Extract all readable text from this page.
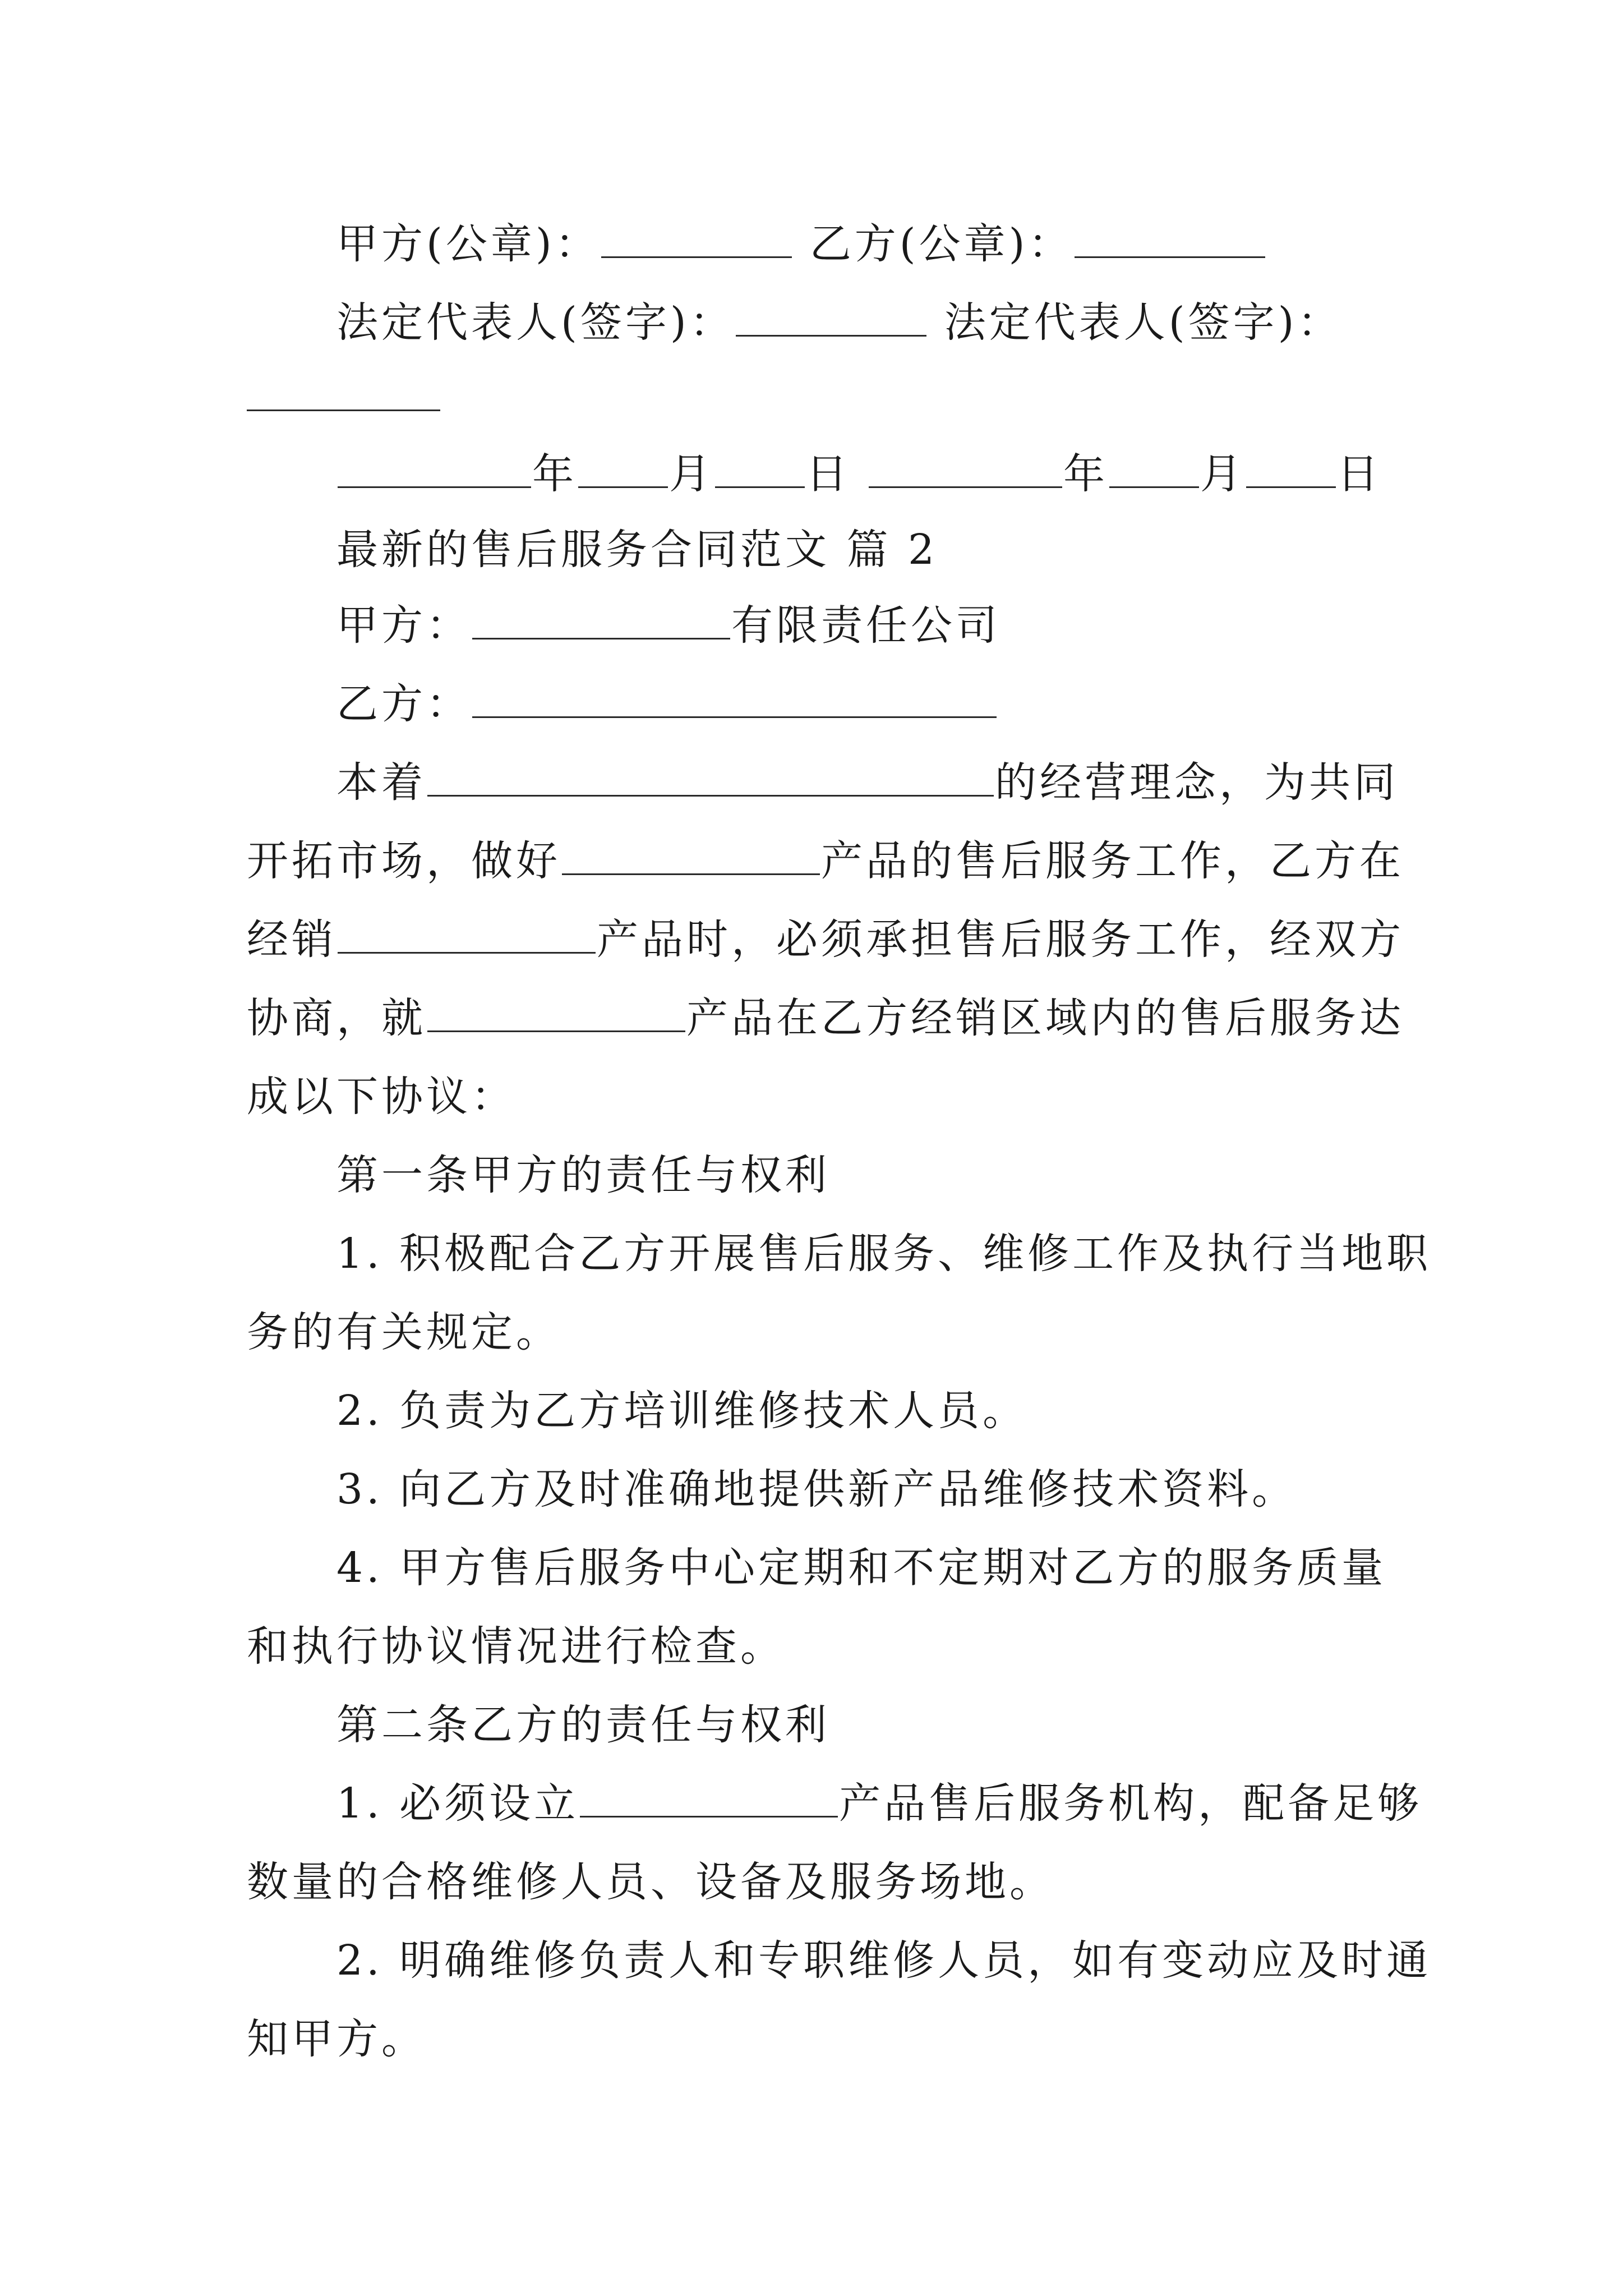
甲方(公章)：	乙方(公章)：
法定代表人(签字)：	法定代表人(签字)：
年 月 日	年 月 日
最新的售后服务合同范文 篇 2
甲方：	有限责任公司
乙方：
本着	的经营理念，为共同
开拓市场，做好	产品的售后服务工作，乙方在
经销	产品时，必须承担售后服务工作，经双方
协商，就	产品在乙方经销区域内的售后服务达
成以下协议：
第一条甲方的责任与权利
1. 积极配合乙方开展售后服务、维修工作及执行当地职
务的有关规定。
2. 负责为乙方培训维修技术人员。
3. 向乙方及时准确地提供新产品维修技术资料。
4. 甲方售后服务中心定期和不定期对乙方的服务质量
和执行协议情况进行检查。
第二条乙方的责任与权利
1. 必须设立	产品售后服务机构，配备足够
数量的合格维修人员、设备及服务场地。
2. 明确维修负责人和专职维修人员，如有变动应及时通
知甲方。
